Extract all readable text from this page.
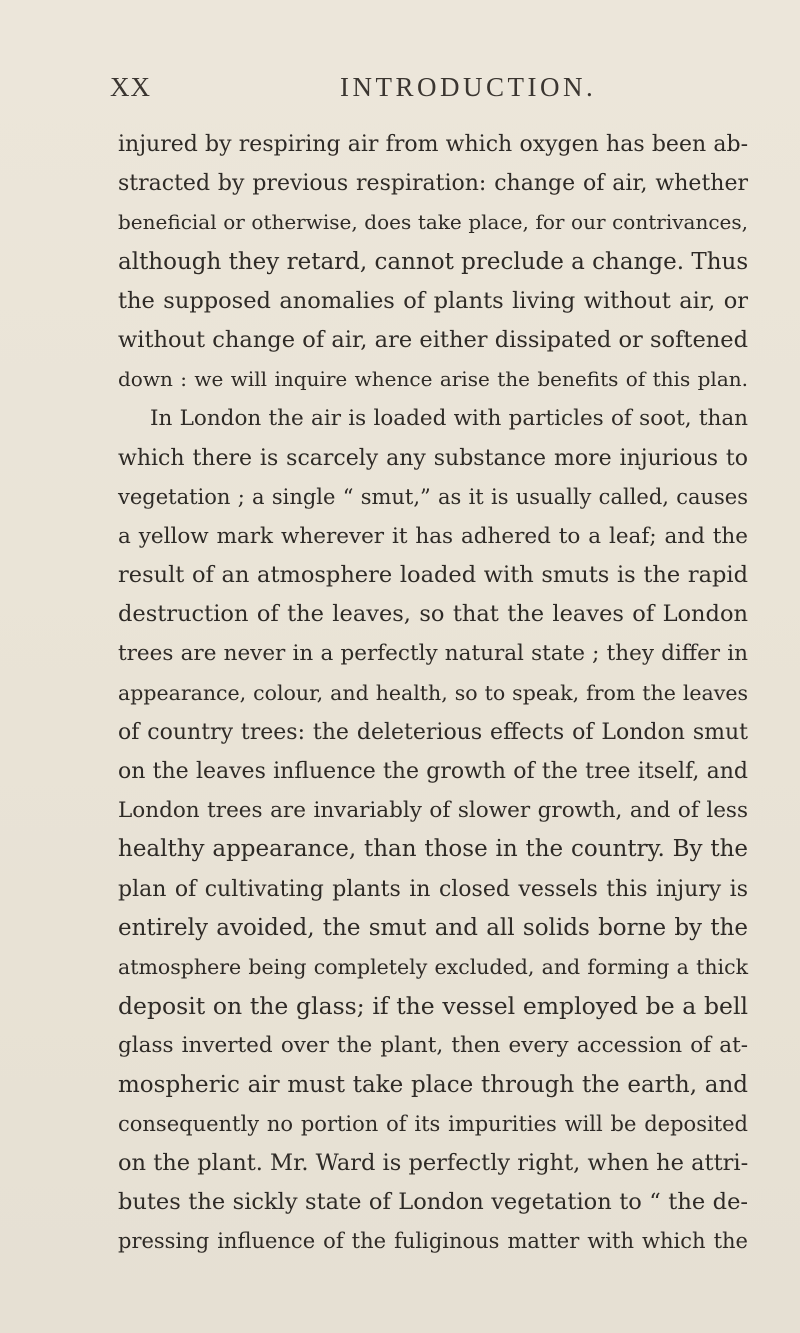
XX	INTRODUCTION.
injured by respiring air from which oxygen has been ab-
stracted by previous respiration: change of air, whether
beneficial or otherwise, does take place, for our contrivances,
although they retard, cannot preclude a change. Thus
the supposed anomalies of plants living without air, or
without change of air, are either dissipated or softened
down : we will inquire whence arise the benefits of this plan.
In London the air is loaded with particles of soot, than
which there is scarcely any substance more injurious to
vegetation ; a single “ smut,” as it is usually called, causes
a yellow mark wherever it has adhered to a leaf; and the
result of an atmosphere loaded with smuts is the rapid
destruction of the leaves, so that the leaves of London
trees are never in a perfectly natural state ; they differ in
appearance, colour, and health, so to speak, from the leaves
of country trees: the deleterious effects of London smut
on the leaves influence the growth of the tree itself, and
London trees are invariably of slower growth, and of less
healthy appearance, than those in the country. By the
plan of cultivating plants in closed vessels this injury is
entirely avoided, the smut and all solids borne by the
atmosphere being completely excluded, and forming a thick
deposit on the glass; if the vessel employed be a bell
glass inverted over the plant, then every accession of at-
mospheric air must take place through the earth, and
consequently no portion of its impurities will be deposited
on the plant. Mr. Ward is perfectly right, when he attri-
butes the sickly state of London vegetation to “ the de-
pressing influence of the fuliginous matter with which the
